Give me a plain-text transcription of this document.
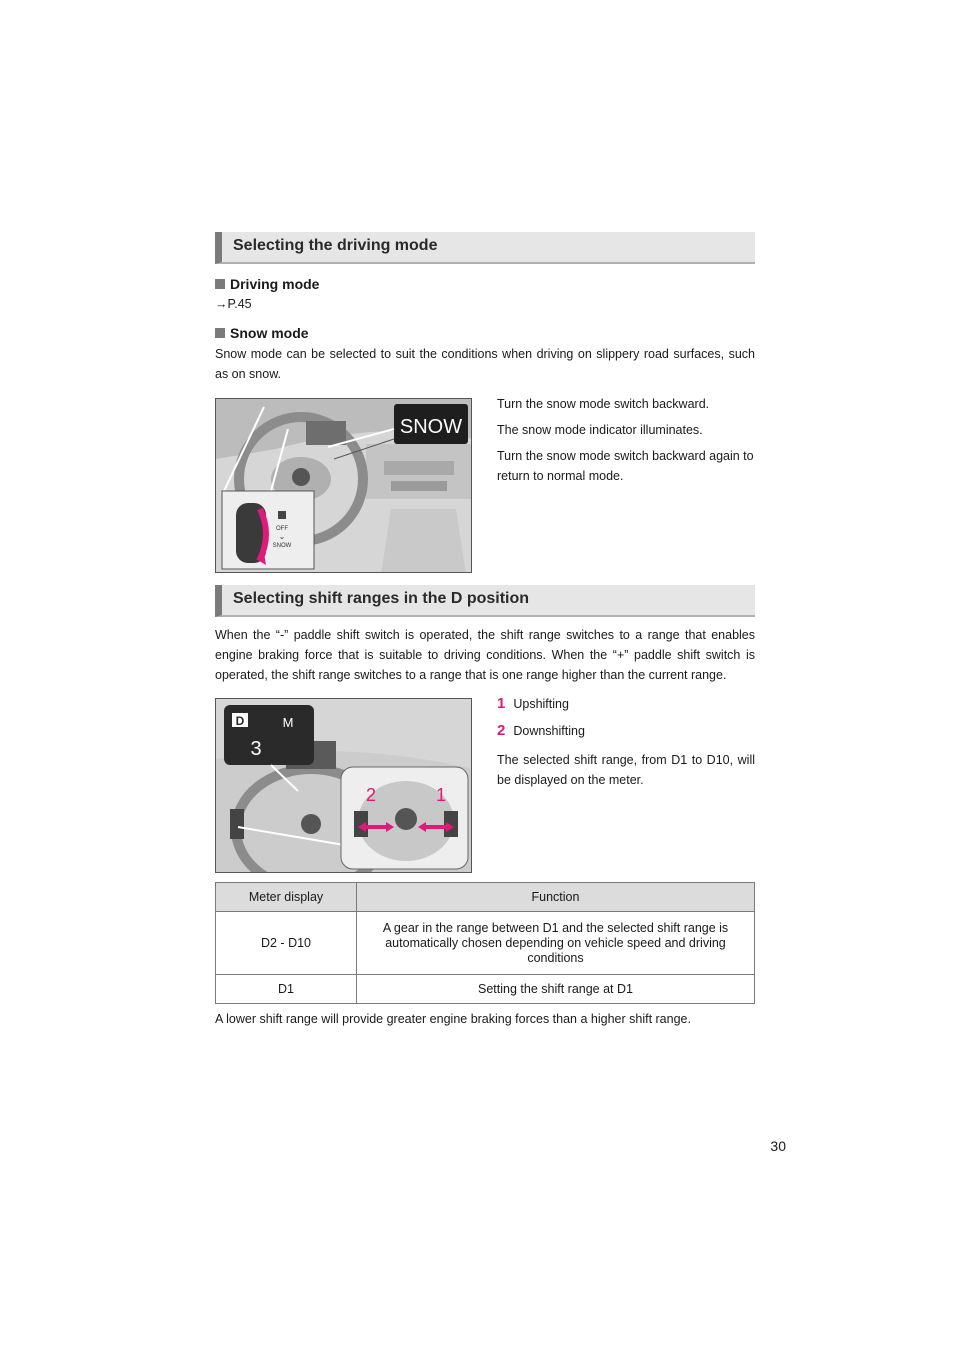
Selecting the driving mode
Driving mode
→P.45
Snow mode
Snow mode can be selected to suit the conditions when driving on slippery road surfaces, such as on snow.
SNOW
OFF
⌄
SNOW
Turn the snow mode switch backward.
The snow mode indicator illuminates.
Turn the snow mode switch backward again to return to normal mode.
Selecting shift ranges in the D position
When the “-” paddle shift switch is operated, the shift range switches to a range that enables engine braking force that is suitable to driving conditions. When the “+” paddle shift switch is operated, the shift range switches to a range that is one range higher than the current range.
D	M
3
2	1
1 Upshifting
2 Downshifting
The selected shift range, from D1 to D10, will be displayed on the meter.
Meter display	Function
D2 - D10	A gear in the range between D1 and the selected shift range is automatically chosen depending on vehicle speed and driving conditions
D1	Setting the shift range at D1
A lower shift range will provide greater engine braking forces than a higher shift range.
30
